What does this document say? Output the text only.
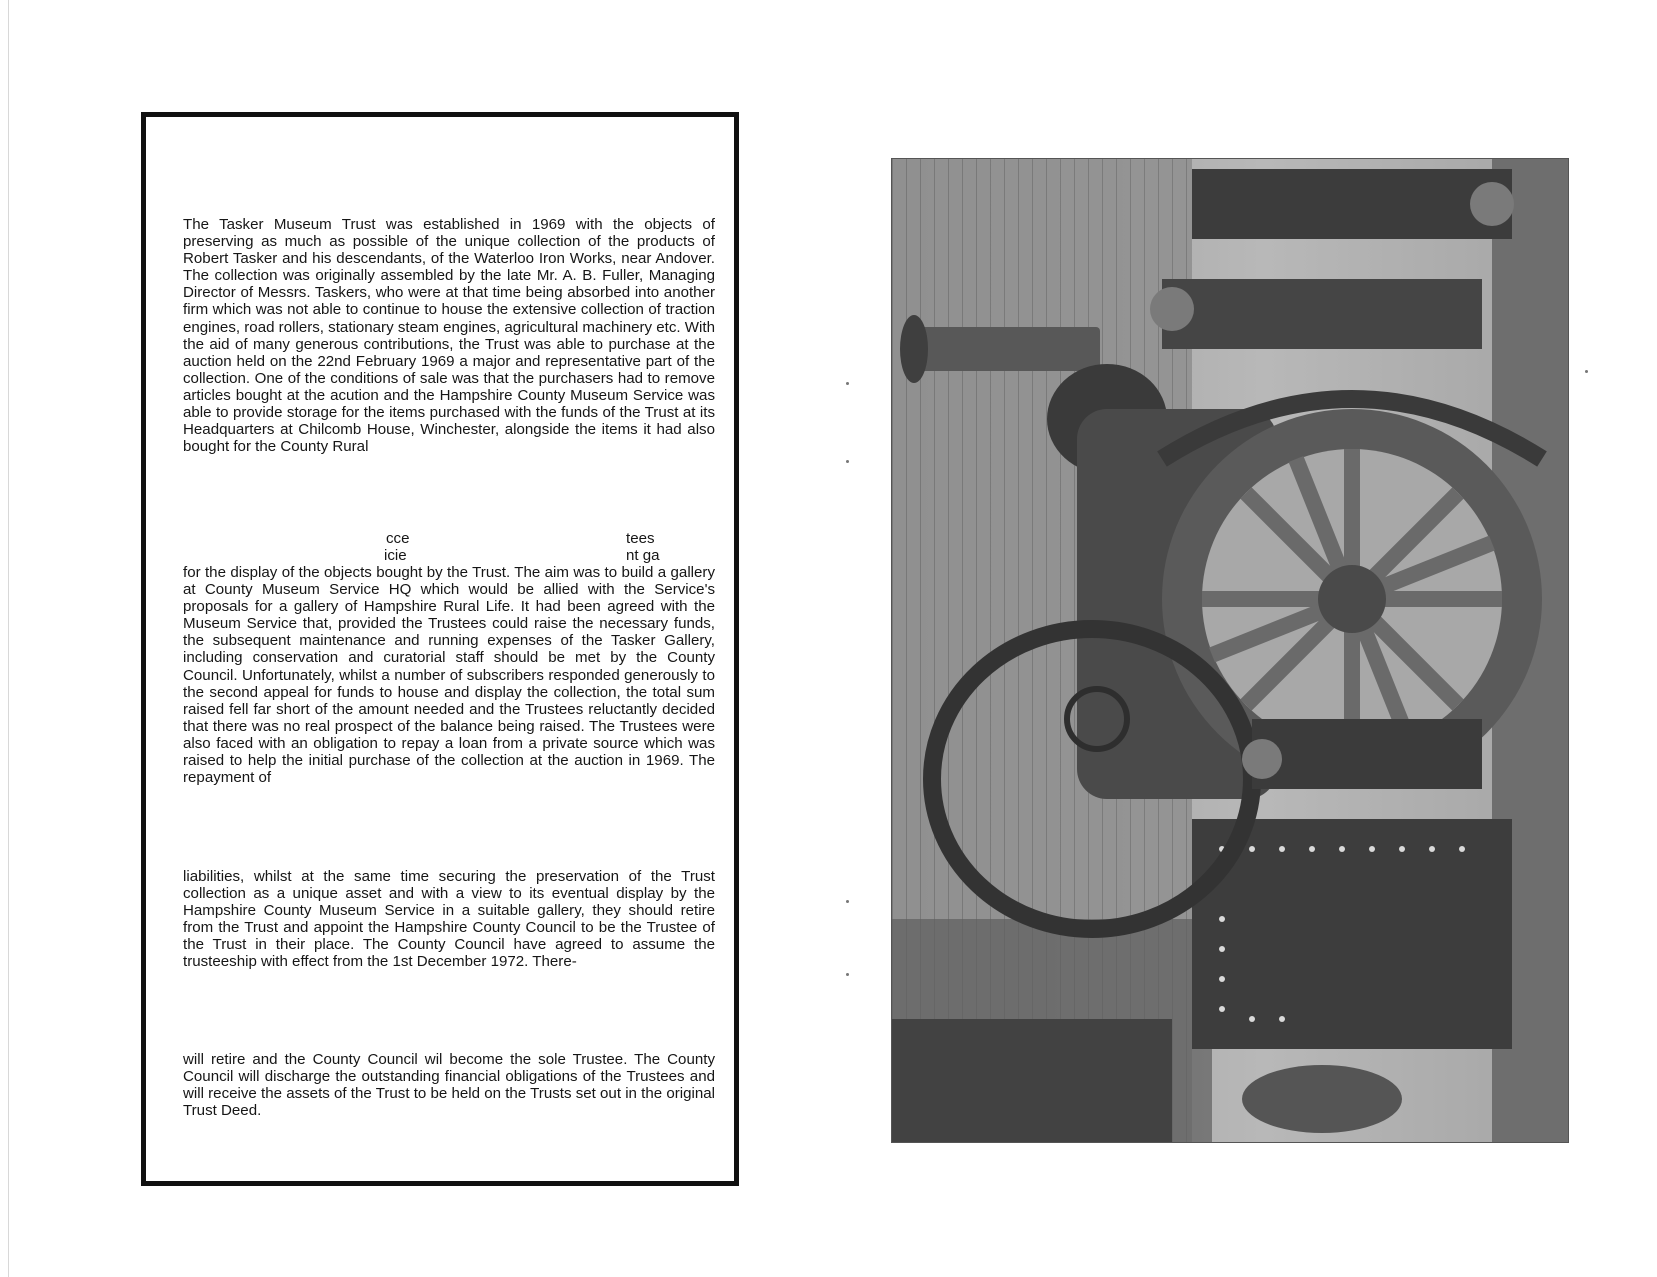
The Tasker Museum Trust was established in 1969 with the objects of preserving as much as possible of the unique collection of the products of Robert Tasker and his descendants, of the Waterloo Iron Works, near Andover. The collection was originally assembled by the late Mr. A. B. Fuller, Managing Director of Messrs. Taskers, who were at that time being absorbed into another firm which was not able to continue to house the extensive collection of traction engines, road rollers, stationary steam engines, agricultural machinery etc. With the aid of many generous contributions, the Trust was able to purchase at the auction held on the 22nd February 1969 a major and representative part of the collection. One of the conditions of sale was that the purchasers had to remove articles bought at the acution and the Hampshire County Museum Service was able to provide storage for the items purchased with the funds of the Trust at its Headquarters at Chilcomb House, Winchester, alongside the items it had also bought for the County Rural

cce	tees
icie	nt ga

for the display of the objects bought by the Trust. The aim was to build a gallery at County Museum Service HQ which would be allied with the Service's proposals for a gallery of Hampshire Rural Life. It had been agreed with the Museum Service that, provided the Trustees could raise the necessary funds, the subsequent maintenance and running expenses of the Tasker Gallery, including conservation and curatorial staff should be met by the County Council. Unfortunately, whilst a number of subscribers responded generously to the second appeal for funds to house and display the collection, the total sum raised fell far short of the amount needed and the Trustees reluctantly decided that there was no real prospect of the balance being raised. The Trustees were also faced with an obligation to repay a loan from a private source which was raised to help the initial purchase of the collection at the auction in 1969. The repayment of

liabilities, whilst at the same time securing the preservation of the Trust collection as a unique asset and with a view to its eventual display by the Hampshire County Museum Service in a suitable gallery, they should retire from the Trust and appoint the Hampshire County Council to be the Trustee of the Trust in their place. The County Council have agreed to assume the trusteeship with effect from the 1st December 1972. There-

will retire and the County Council wil become the sole Trustee. The County Council will discharge the outstanding financial obligations of the Trustees and will receive the assets of the Trust to be held on the Trusts set out in the original Trust Deed.
